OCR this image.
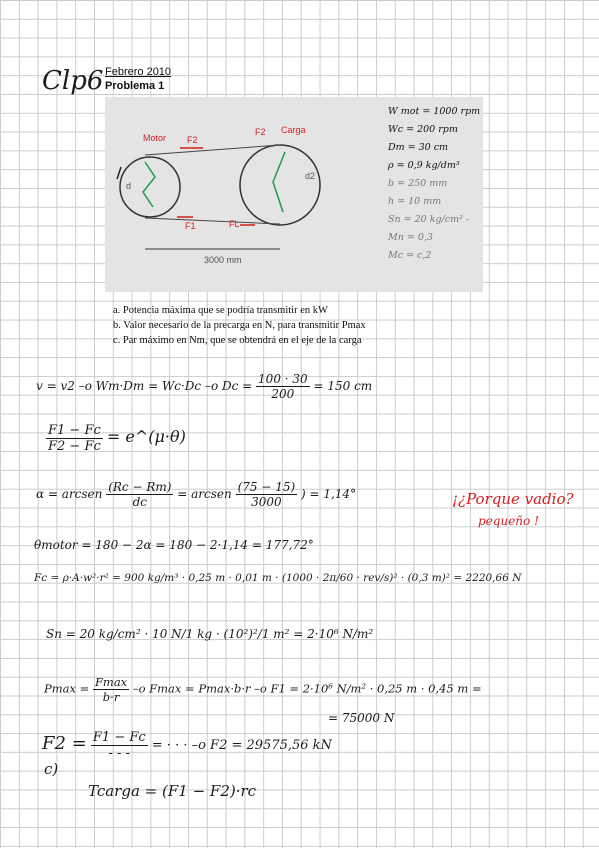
Clp6 Febrero 2010
Problema 1
Motor F2
F2 Carga
F1	FL
d
d2
3000 mm
W mot = 1000 rpm
Wc = 200 rpm
Dm = 30 cm
ρ = 0,9 kg/dm³
b = 250 mm
h = 10 mm
Sn = 20 kg/cm² -
Mn = 0,3
Mc = c,2
a. Potencia máxima que se podría transmitir en kW
b. Valor necesario de la precarga en N, para transmitir Pmax
c. Par máximo en Nm, que se obtendrá en el eje de la carga
v = v2 –o Wm·Dm = Wc·Dc –o $Dc = \frac{100 \cdot 30}{200} = 150$ cm
$\frac{F1 - Fc}{F2 - Fc}$ = e^(μ·θ)
α = arcsen $\frac{(Rc - Rm)}{dc}$ = arcsen $\frac{(75 - 15)}{3000}$ ) = 1,14°	¡¿Porque vadio?
pequeño !
θmotor = 180 − 2α = 180 − 2·1,14 = 177,72°
Fc = ρ·A·w²·r² = 900 kg/m³ · 0,25 m · 0,01 m · (1000 · 2π/60 · rev/s)² · (0,3 m)² = 2220,66 N
Sn = 20 kg/cm² · 10 N/1 kg · (10²)²/1 m² = 2·10⁶ N/m²
$Pmax = \frac{Fmax}{b\cdot r} -o$ Fmax = Pmax·b·r –o F1 = 2·10⁶ N/m² · 0,25 m · 0,45 m =
= 75000 N
$F2 = \frac{F1 - Fc}{- - -}$ = · · · –o F2 = 29575,56 kN
c)
Tcarga = (F1 − F2)·rc
